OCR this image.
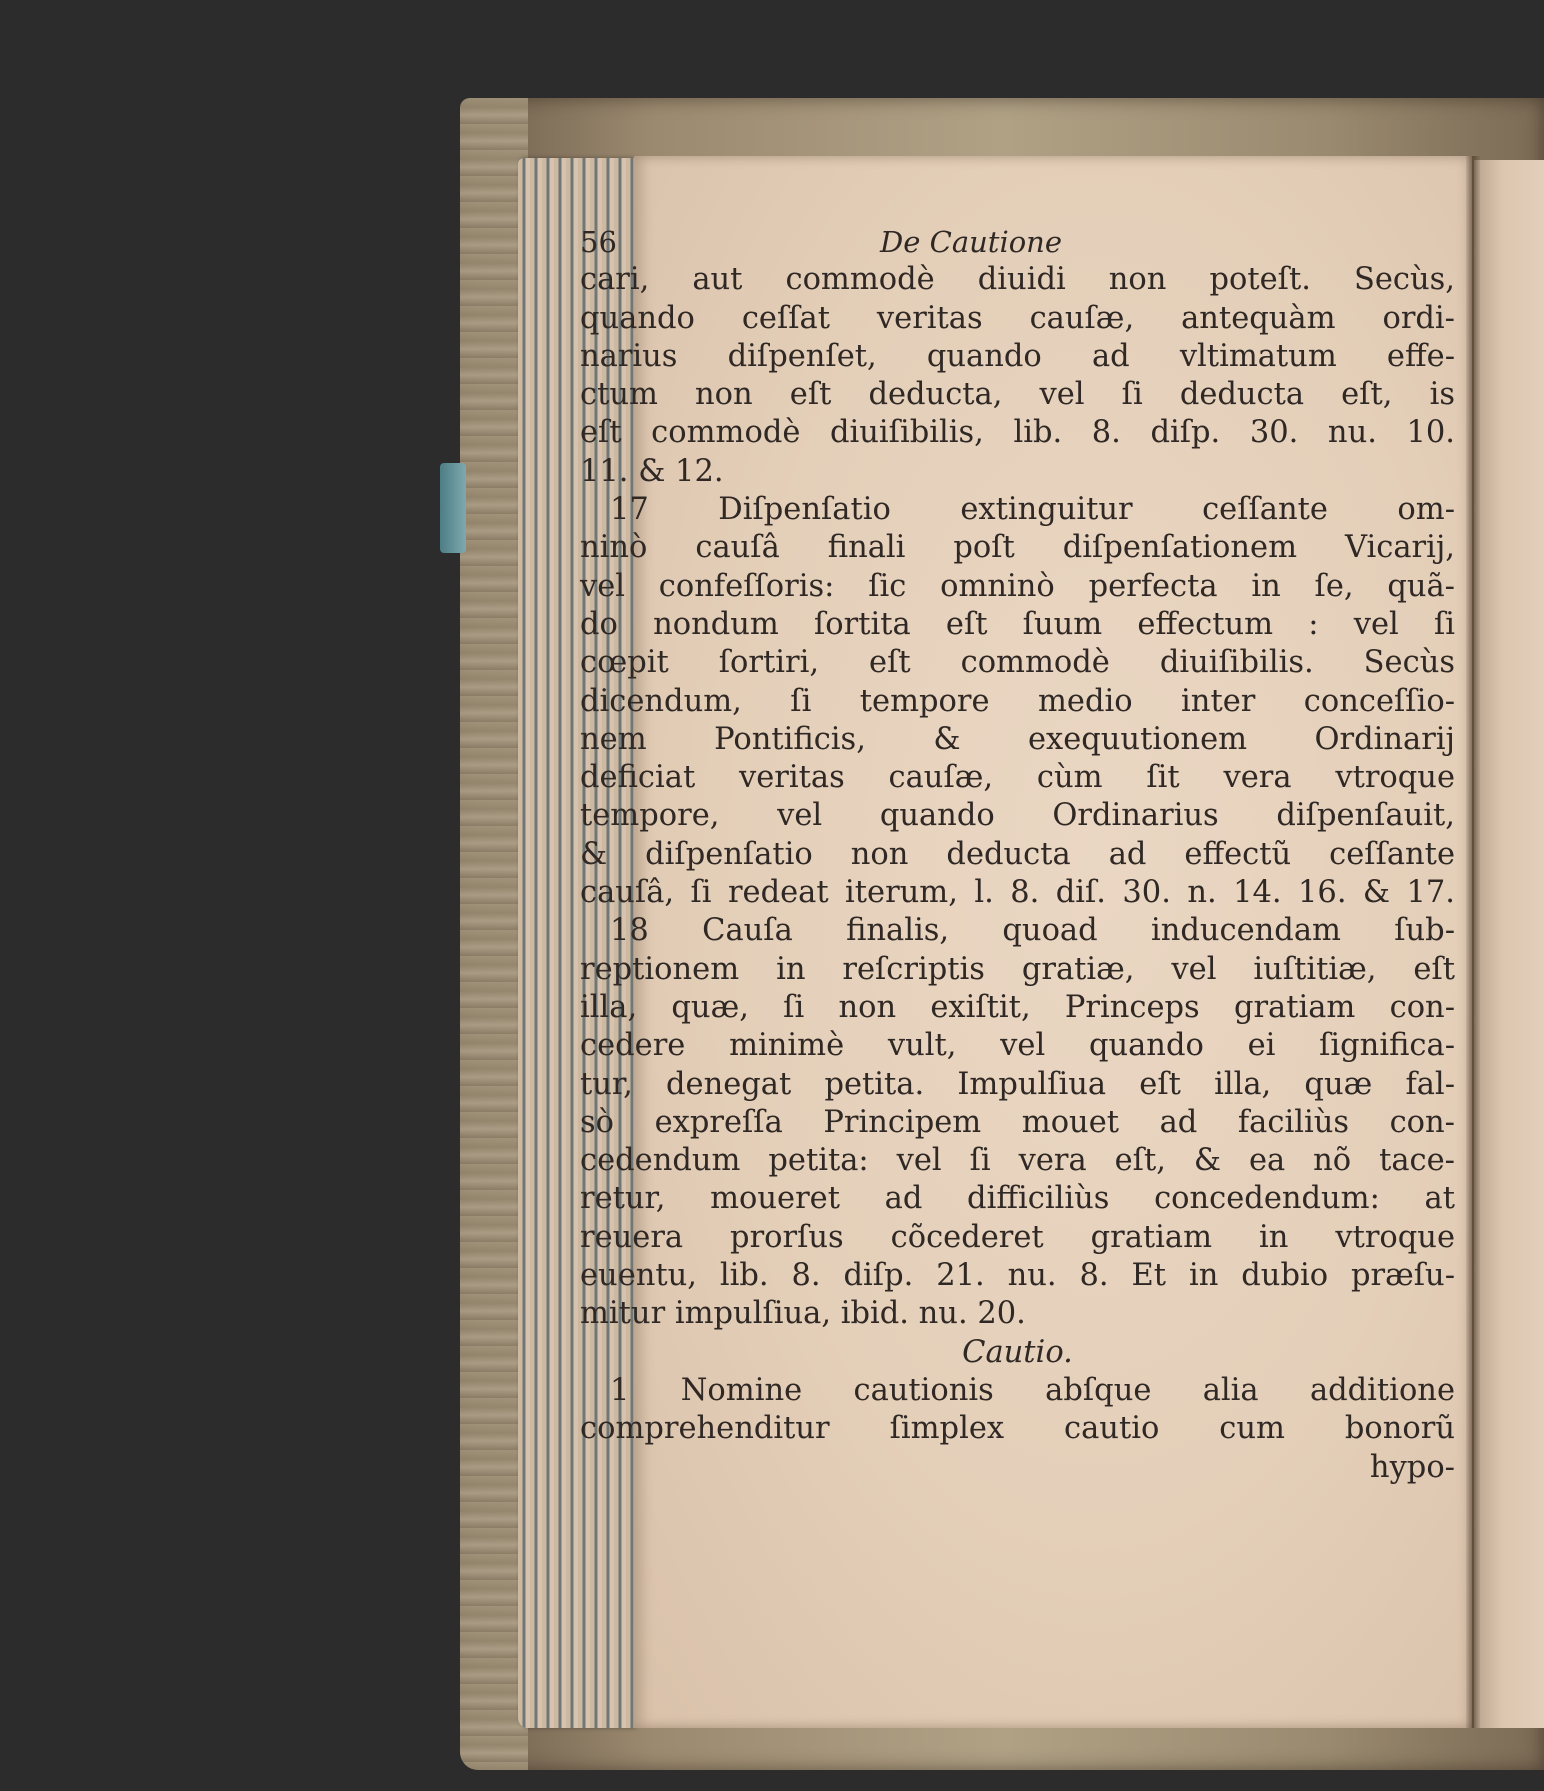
56	De Cautione
cari, aut commodè diuidi non poteſt. Secùs,
quando ceſſat veritas cauſæ, antequàm ordi-
narius diſpenſet, quando ad vltimatum effe-
ctum non eſt deducta, vel ſi deducta eſt, is
eſt commodè diuiſibilis, lib. 8. diſp. 30. nu. 10.
11. & 12.
17 Diſpenſatio extinguitur ceſſante om-
ninò cauſâ finali poſt diſpenſationem Vicarij,
vel confeſſoris: ſic omninò perfecta in ſe, quã-
do nondum ſortita eſt ſuum effectum : vel ſi
cœpit ſortiri, eſt commodè diuiſibilis. Secùs
dicendum, ſi tempore medio inter conceſſio-
nem Pontificis, & exequutionem Ordinarij
deficiat veritas cauſæ, cùm ſit vera vtroque
tempore, vel quando Ordinarius diſpenſauit,
& diſpenſatio non deducta ad effectũ ceſſante
cauſâ, ſi redeat iterum, l. 8. diſ. 30. n. 14. 16. & 17.
18 Cauſa finalis, quoad inducendam ſub-
reptionem in reſcriptis gratiæ, vel iuſtitiæ, eſt
illa, quæ, ſi non exiſtit, Princeps gratiam con-
cedere minimè vult, vel quando ei ſignifica-
tur, denegat petita. Impulſiua eſt illa, quæ fal-
sò expreſſa Principem mouet ad faciliùs con-
cedendum petita: vel ſi vera eſt, & ea nõ tace-
retur, moueret ad difficiliùs concedendum: at
reuera prorſus cõcederet gratiam in vtroque
euentu, lib. 8. diſp. 21. nu. 8. Et in dubio præſu-
mitur impulſiua, ibid. nu. 20.
Cautio.
1 Nomine cautionis abſque alia additione
comprehenditur ſimplex cautio cum bonorũ
hypo-
